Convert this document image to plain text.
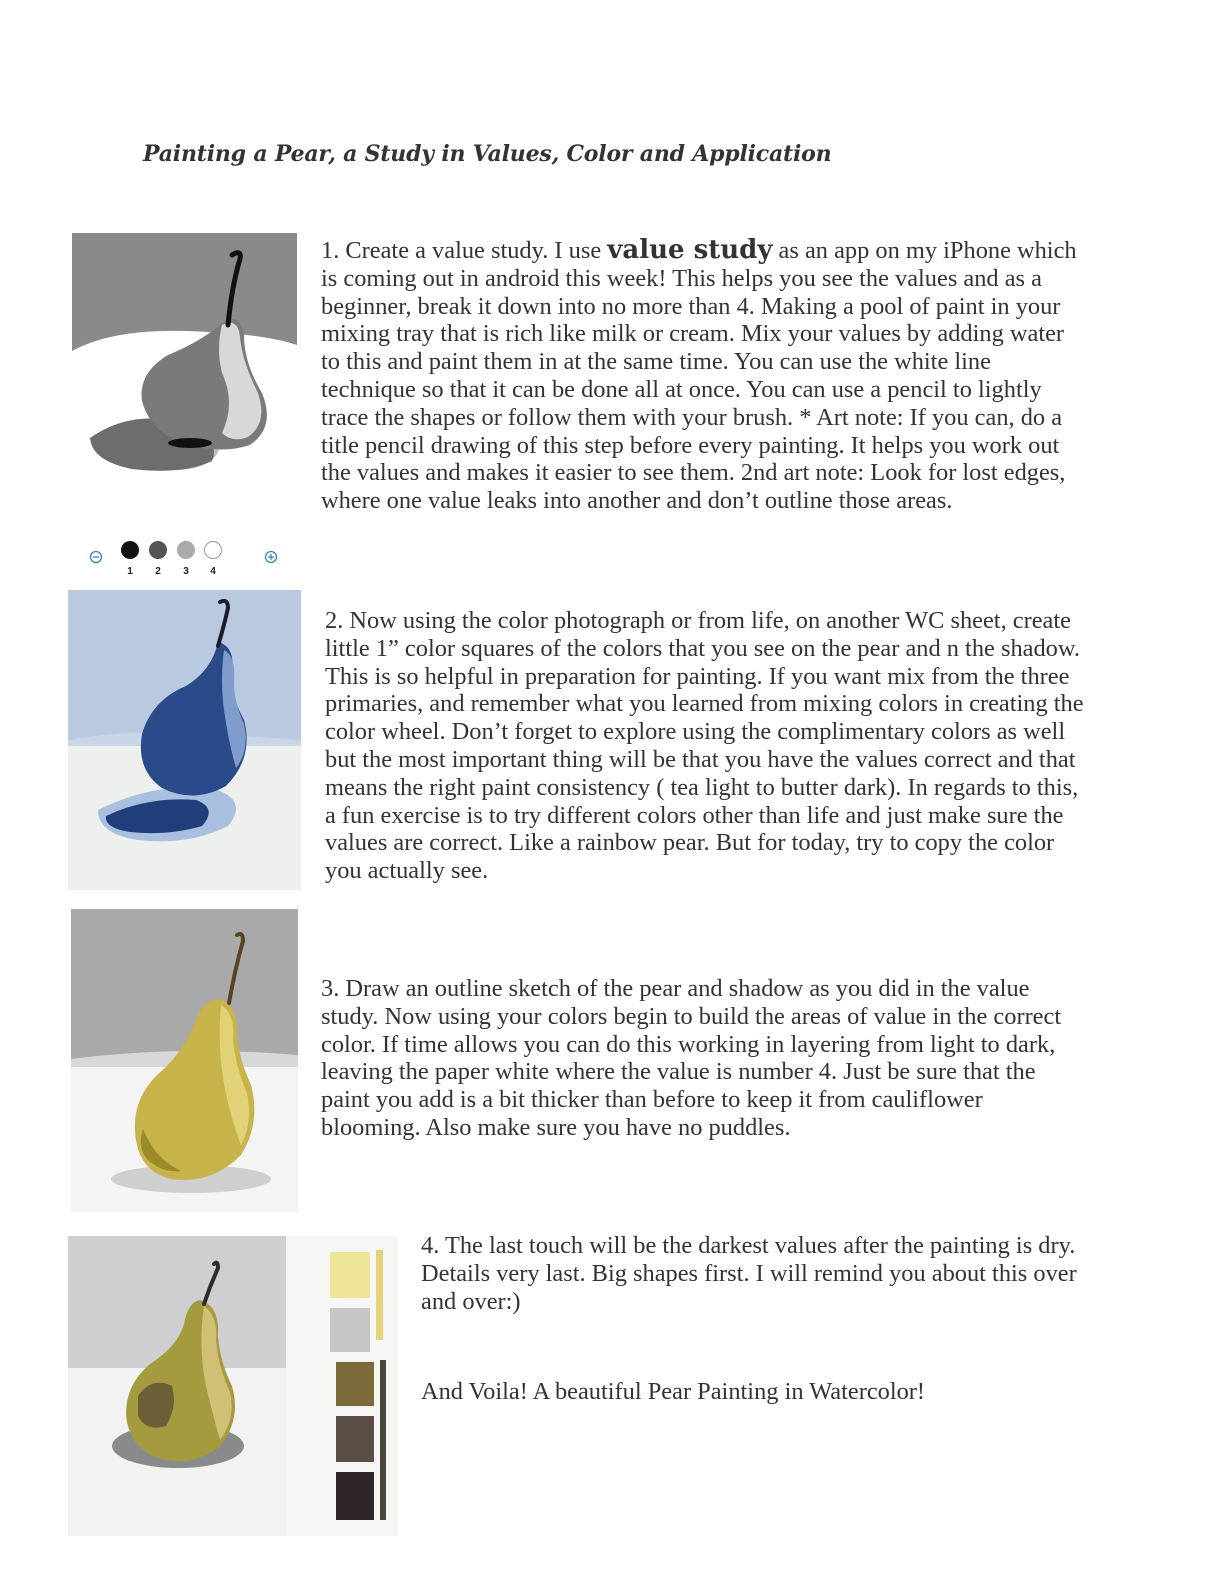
Painting a Pear, a Study in Values, Color and Application
1 2 3 4

1. Create a value study. I use value study as an app on my iPhone which is coming out in android this week! This helps you see the values and as a beginner, break it down into no more than 4. Making a pool of paint in your mixing tray that is rich like milk or cream. Mix your values by adding water to this and paint them in at the same time. You can use the white line technique so that it can be done all at once. You can use a pencil to lightly trace the shapes or follow them with your brush. * Art note: If you can, do a title pencil drawing of this step before every painting. It helps you work out the values and makes it easier to see them. 2nd art note: Look for lost edges, where one value leaks into another and don’t outline those areas.

2. Now using the color photograph or from life, on another WC sheet, create little 1” color squares of the colors that you see on the pear and n the shadow. This is so helpful in preparation for painting. If you want mix from the three primaries, and remember what you learned from mixing colors in creating the color wheel. Don’t forget to explore using the complimentary colors as well but the most important thing will be that you have the values correct and that means the right paint consistency ( tea light to butter dark). In regards to this, a fun exercise is to try different colors other than life and just make sure the values are correct. Like a rainbow pear. But for today, try to copy the color you actually see.

3. Draw an outline sketch of the pear and shadow as you did in the value study. Now using your colors begin to build the areas of value in the correct color. If time allows you can do this working in layering from light to dark, leaving the paper white where the value is number 4. Just be sure that the paint you add is a bit thicker than before to keep it from cauliflower blooming. Also make sure you have no puddles.

4. The last touch will be the darkest values after the painting is dry. Details very last. Big shapes first. I will remind you about this over and over:)

And Voila! A beautiful Pear Painting in Watercolor!
